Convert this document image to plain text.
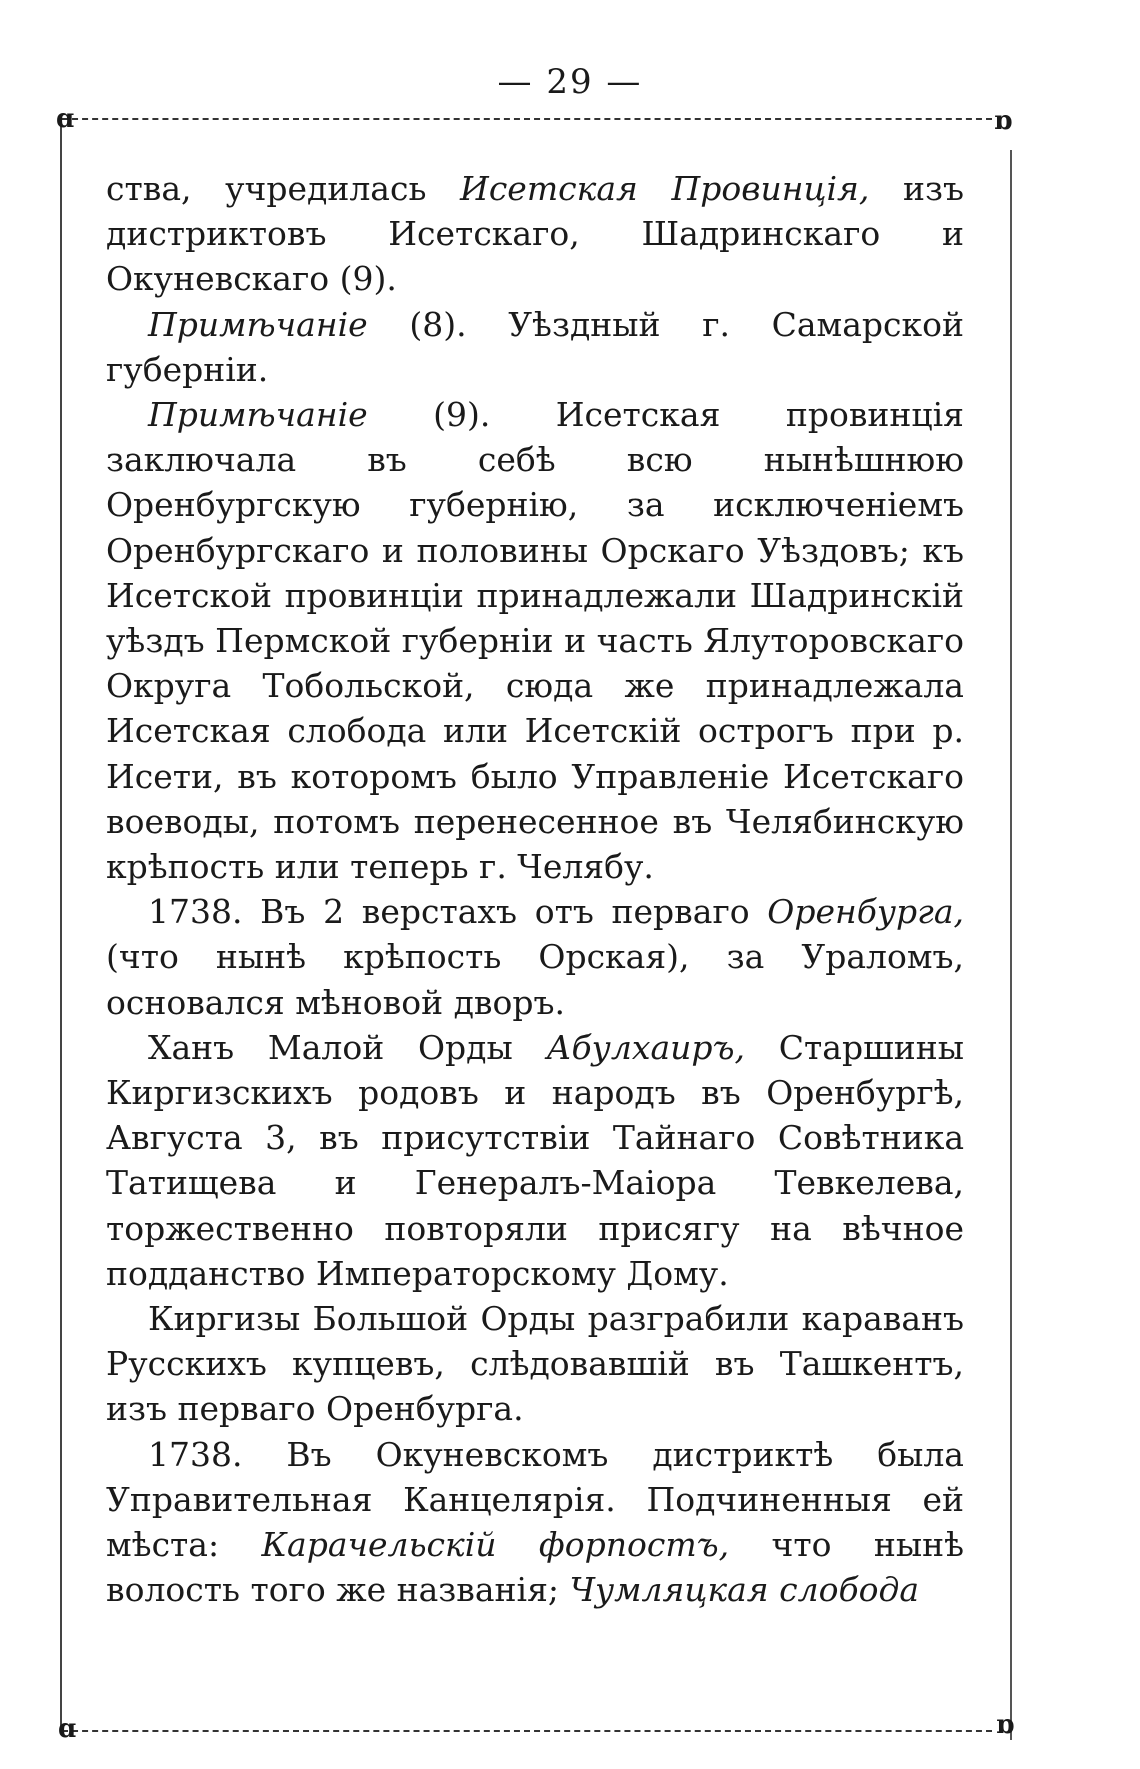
— 29 —
ɑ	ɒ
ɑ	ɒ

ства, учредилась Исетская Провинція, изъ дистриктовъ Исетскаго, Шадринскаго и Окуневскаго (9).

Примѣчаніе (8). Уѣздный г. Самарской губерніи.

Примѣчаніе (9). Исетская провинція заключала въ себѣ всю нынѣшнюю Оренбургскую губернію, за исключеніемъ Оренбургскаго и половины Орскаго Уѣздовъ; къ Исетской провинціи принадлежали Шадринскій уѣздъ Пермской губерніи и часть Ялуторовскаго Округа Тобольской, сюда же принадлежала Исетская слобода или Исетскій острогъ при р. Исети, въ которомъ было Управленіе Исетскаго воеводы, потомъ перенесенное въ Челябинскую крѣпость или теперь г. Челябу.

1738. Въ 2 верстахъ отъ перваго Оренбурга, (что нынѣ крѣпость Орская), за Ураломъ, основался мѣновой дворъ.

Ханъ Малой Орды Абулхаиръ, Старшины Киргизскихъ родовъ и народъ въ Оренбургѣ, Августа 3, въ присутствіи Тайнаго Совѣтника Татищева и Генералъ-Маіора Тевкелева, торжественно повторяли присягу на вѣчное подданство Императорскому Дому.

Киргизы Большой Орды разграбили караванъ Русскихъ купцевъ, слѣдовавшій въ Ташкентъ, изъ перваго Оренбурга.

1738. Въ Окуневскомъ дистриктѣ была Управительная Канцелярія. Подчиненныя ей мѣста: Карачельскій форпостъ, что нынѣ волость того же названія; Чумляцкая слобода
